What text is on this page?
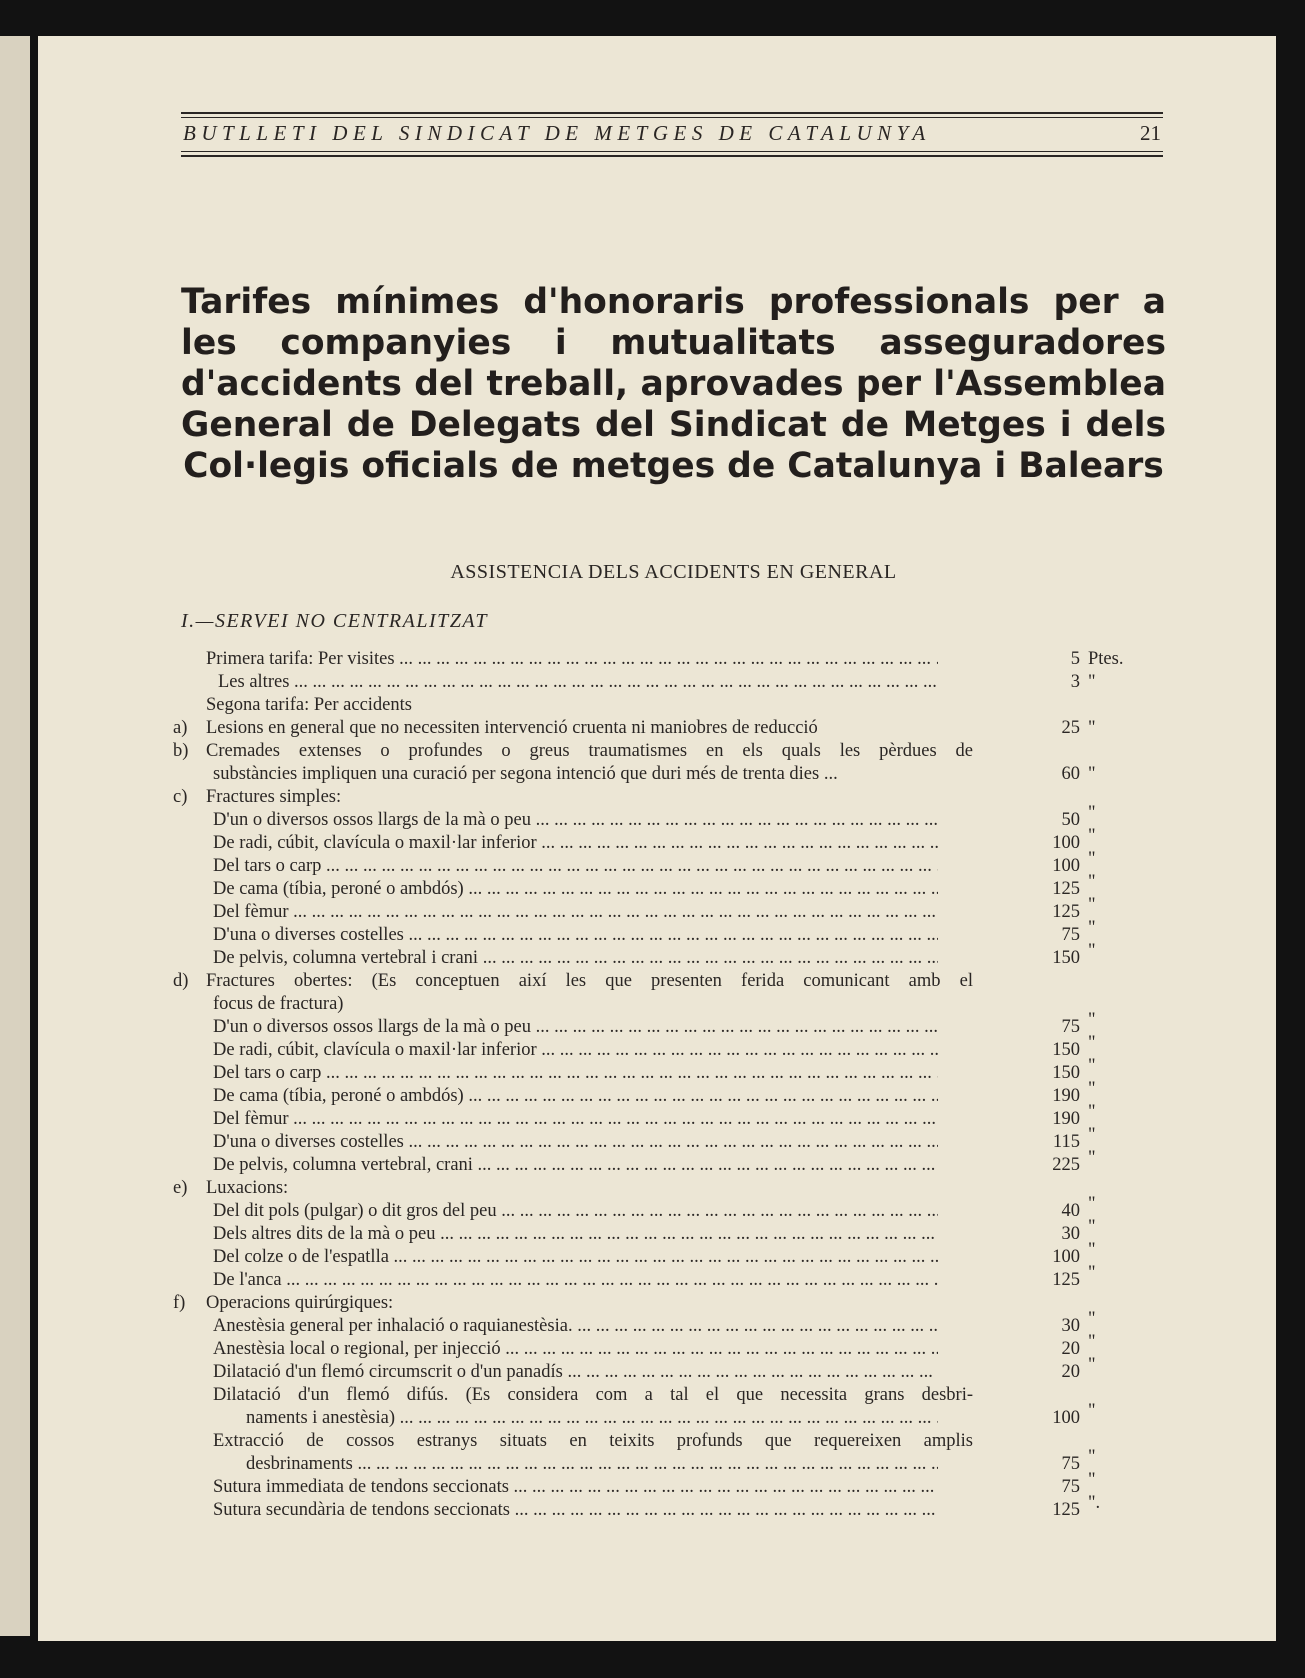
BUTLLETI DEL SINDICAT DE METGES DE CATALUNYA	21
Tarifes mínimes d'honoraris professionals per a les companyies i mutualitats asseguradores d'accidents del treball, aprovades per l'Assemblea General de Delegats del Sindicat de Metges i dels Col·legis oficials de metges de Catalunya i Balears
ASSISTENCIA DELS ACCIDENTS EN GENERAL
I.—SERVEI NO CENTRALITZAT
Primera tarifa: Per visites ... .	5 Ptes.
Les altres ... .	3 "
Segona tarifa: Per accidents
a)	Lesions en general que no necessiten intervenció cruenta ni maniobres de reducció	25 "
b) Cremades extenses o profundes o greus traumatismes en els quals les pèrdues de
substàncies impliquen una curació per segona intenció que duri més de trenta dies ...	60 "
c)	Fractures simples:
D'un o diversos ossos llargs de la mà o peu ... .	50 "
De radi, cúbit, clavícula o maxil·lar inferior ... .	100 "
Del tars o carp ... .	100 "
De cama (tíbia, peroné o ambdós) ... .	125 "
Del fèmur ... .	125 "
D'una o diverses costelles ... .	75 "
De pelvis, columna vertebral i crani ... .	150 "
d) Fractures obertes: (Es conceptuen així les que presenten ferida comunicant amb el
focus de fractura)
D'un o diversos ossos llargs de la mà o peu ... .	75 "
De radi, cúbit, clavícula o maxil·lar inferior ... .	150 "
Del tars o carp ... .	150 "
De cama (tíbia, peroné o ambdós) ... .	190 "
Del fèmur ... .	190 "
D'una o diverses costelles ... .	115 "
De pelvis, columna vertebral, crani ... .	225 "
e)	Luxacions:
Del dit pols (pulgar) o dit gros del peu ... .	40 "
Dels altres dits de la mà o peu ... .	30 "
Del colze o de l'espatlla ... .	100 "
De l'anca ... .	125 "
f)	Operacions quirúrgiques:
Anestèsia general per inhalació o raquianestèsia. ... .	30 "
Anestèsia local o regional, per injecció ... .	20 "
Dilatació d'un flemó circumscrit o d'un panadís ... .	20 "
Dilatació d'un flemó difús. (Es considera com a tal el que necessita grans desbri-
naments i anestèsia) ... .	100 "
Extracció de cossos estranys situats en teixits profunds que requereixen amplis
desbrinaments ... .	75 "
Sutura immediata de tendons seccionats ... .	75 "
Sutura secundària de tendons seccionats ... .	125 ".
